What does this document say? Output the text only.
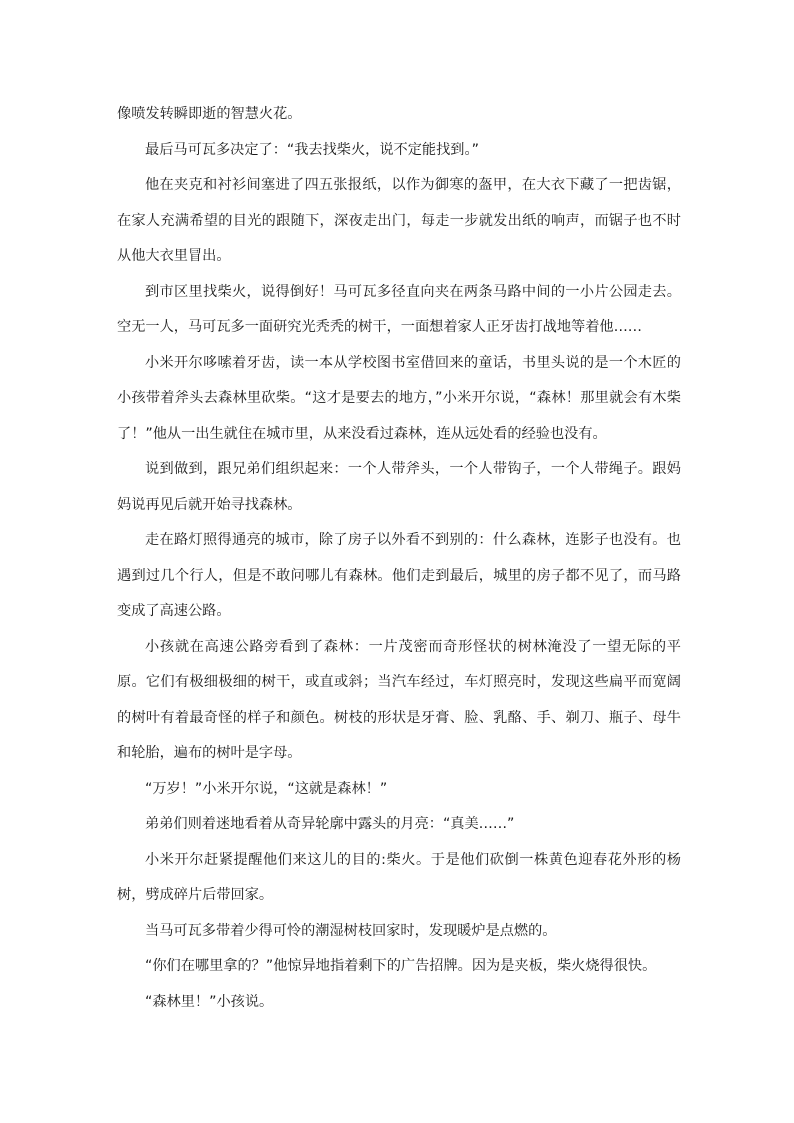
像喷发转瞬即逝的智慧火花。

最后马可瓦多决定了：“我去找柴火，说不定能找到。”

他在夹克和衬衫间塞进了四五张报纸，以作为御寒的盔甲，在大衣下藏了一把齿锯，在家人充满希望的目光的跟随下，深夜走出门，每走一步就发出纸的响声，而锯子也不时从他大衣里冒出。

到市区里找柴火，说得倒好！马可瓦多径直向夹在两条马路中间的一小片公园走去。空无一人，马可瓦多一面研究光秃秃的树干，一面想着家人正牙齿打战地等着他……

小米开尔哆嗦着牙齿，读一本从学校图书室借回来的童话，书里头说的是一个木匠的小孩带着斧头去森林里砍柴。“这才是要去的地方，”小米开尔说，“森林！那里就会有木柴了！”他从一出生就住在城市里，从来没看过森林，连从远处看的经验也没有。

说到做到，跟兄弟们组织起来：一个人带斧头，一个人带钩子，一个人带绳子。跟妈妈说再见后就开始寻找森林。

走在路灯照得通亮的城市，除了房子以外看不到别的：什么森林，连影子也没有。也遇到过几个行人，但是不敢问哪儿有森林。他们走到最后，城里的房子都不见了，而马路变成了高速公路。

小孩就在高速公路旁看到了森林：一片茂密而奇形怪状的树林淹没了一望无际的平原。它们有极细极细的树干，或直或斜；当汽车经过，车灯照亮时，发现这些扁平而宽阔的树叶有着最奇怪的样子和颜色。树枝的形状是牙膏、脸、乳酪、手、剃刀、瓶子、母牛和轮胎，遍布的树叶是字母。

“万岁！”小米开尔说，“这就是森林！”

弟弟们则着迷地看着从奇异轮廓中露头的月亮：“真美……”

小米开尔赶紧提醒他们来这儿的目的:柴火。于是他们砍倒一株黄色迎春花外形的杨树，劈成碎片后带回家。

当马可瓦多带着少得可怜的潮湿树枝回家时，发现暖炉是点燃的。

“你们在哪里拿的？”他惊异地指着剩下的广告招牌。因为是夹板，柴火烧得很快。

“森林里！”小孩说。
